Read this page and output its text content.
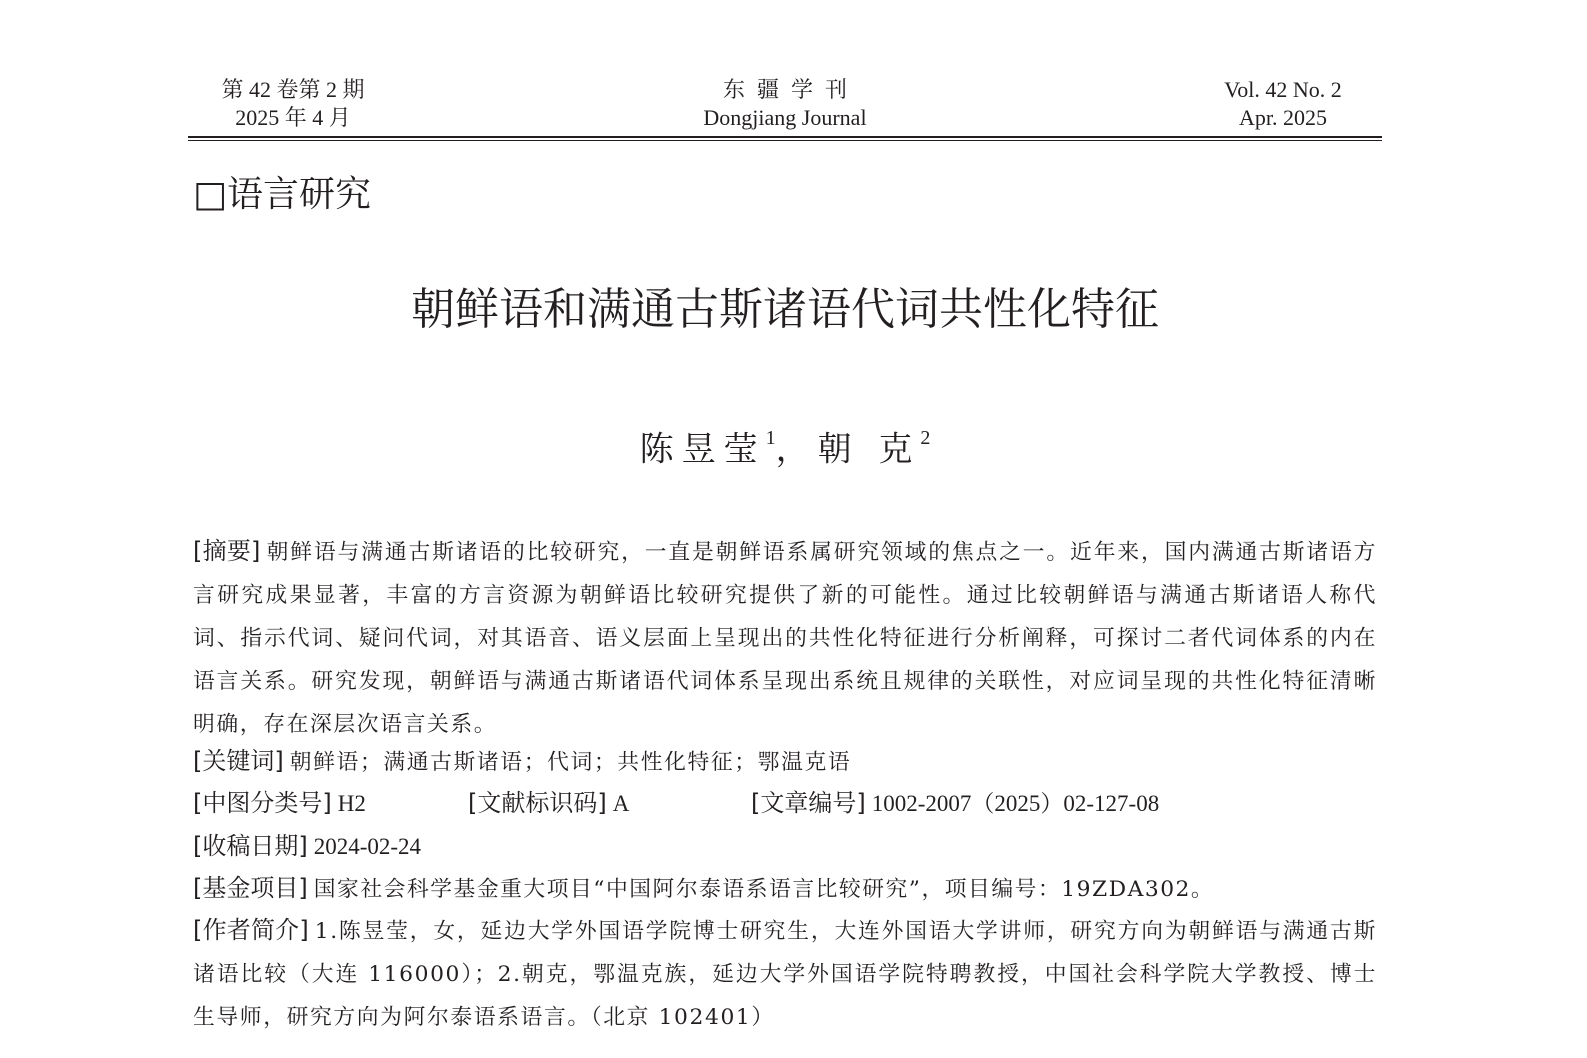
第 42 卷第 2 期
2025 年 4 月
东疆学刊
Dongjiang Journal
Vol. 42 No. 2
Apr. 2025
□语言研究
朝鲜语和满通古斯诸语代词共性化特征
陈昱莹$^1$，朝 克$^2$
[摘要] 朝鲜语与满通古斯诸语的比较研究，一直是朝鲜语系属研究领域的焦点之一。近年来，国内满通古斯诸语方言研究成果显著，丰富的方言资源为朝鲜语比较研究提供了新的可能性。通过比较朝鲜语与满通古斯诸语人称代词、指示代词、疑问代词，对其语音、语义层面上呈现出的共性化特征进行分析阐释，可探讨二者代词体系的内在语言关系。研究发现，朝鲜语与满通古斯诸语代词体系呈现出系统且规律的关联性，对应词呈现的共性化特征清晰明确，存在深层次语言关系。
[关键词] 朝鲜语；满通古斯诸语；代词；共性化特征；鄂温克语
[中图分类号] H2	[文献标识码] A	[文章编号] 1002-2007（2025）02-127-08
[收稿日期] 2024-02-24
[基金项目] 国家社会科学基金重大项目“中国阿尔泰语系语言比较研究”，项目编号：19ZDA302。
[作者简介] 1.陈昱莹，女，延边大学外国语学院博士研究生，大连外国语大学讲师，研究方向为朝鲜语与满通古斯诸语比较（大连 116000）；2.朝克，鄂温克族，延边大学外国语学院特聘教授，中国社会科学院大学教授、博士生导师，研究方向为阿尔泰语系语言。（北京 102401）
